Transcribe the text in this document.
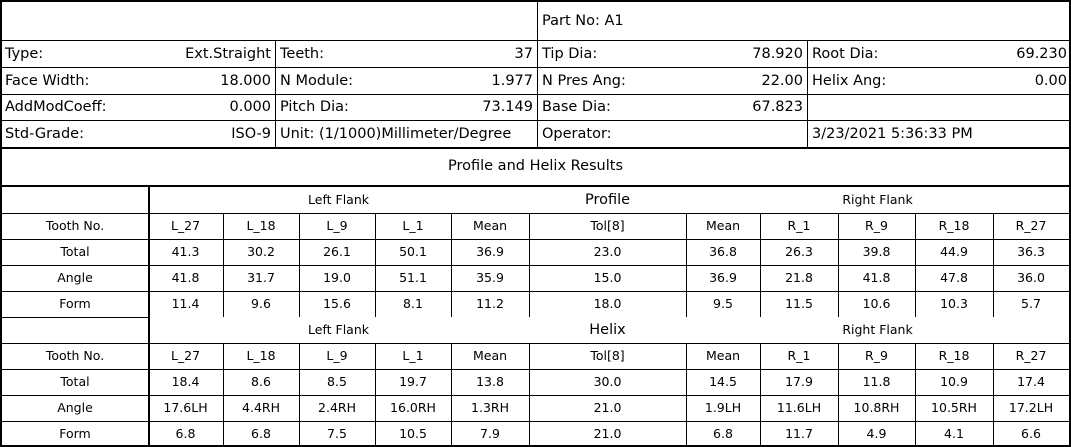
Part No: A1
Type:	Ext.Straight Teeth:	37 Tip Dia:	78.920 Root Dia:	69.230
Face Width:	18.000 N Module:	1.977 N Pres Ang:	22.00 Helix Ang:	0.00
AddModCoeff:	0.000 Pitch Dia:	73.149 Base Dia:	67.823
Std-Grade:	ISO-9 Unit: (1/1000)Millimeter/Degree Operator:	3/23/2021 5:36:33 PM
Profile and Helix Results
Left Flank	Profile	Right Flank
Tooth No.	L_27	L_18	L_9	L_1	Mean	Tol[8]	Mean	R_1	R_9	R_18	R_27
Total	41.3	30.2	26.1	50.1	36.9	23.0	36.8	26.3	39.8	44.9	36.3
Angle	41.8	31.7	19.0	51.1	35.9	15.0	36.9	21.8	41.8	47.8	36.0
Form	11.4	9.6	15.6	8.1	11.2	18.0	9.5	11.5	10.6	10.3	5.7
Left Flank	Helix	Right Flank
Tooth No.	L_27	L_18	L_9	L_1	Mean	Tol[8]	Mean	R_1	R_9	R_18	R_27
Total	18.4	8.6	8.5	19.7	13.8	30.0	14.5	17.9	11.8	10.9	17.4
Angle	17.6LH	4.4RH	2.4RH	16.0RH	1.3RH	21.0	1.9LH	11.6LH	10.8RH	10.5RH	17.2LH
Form	6.8	6.8	7.5	10.5	7.9	21.0	6.8	11.7	4.9	4.1	6.6
